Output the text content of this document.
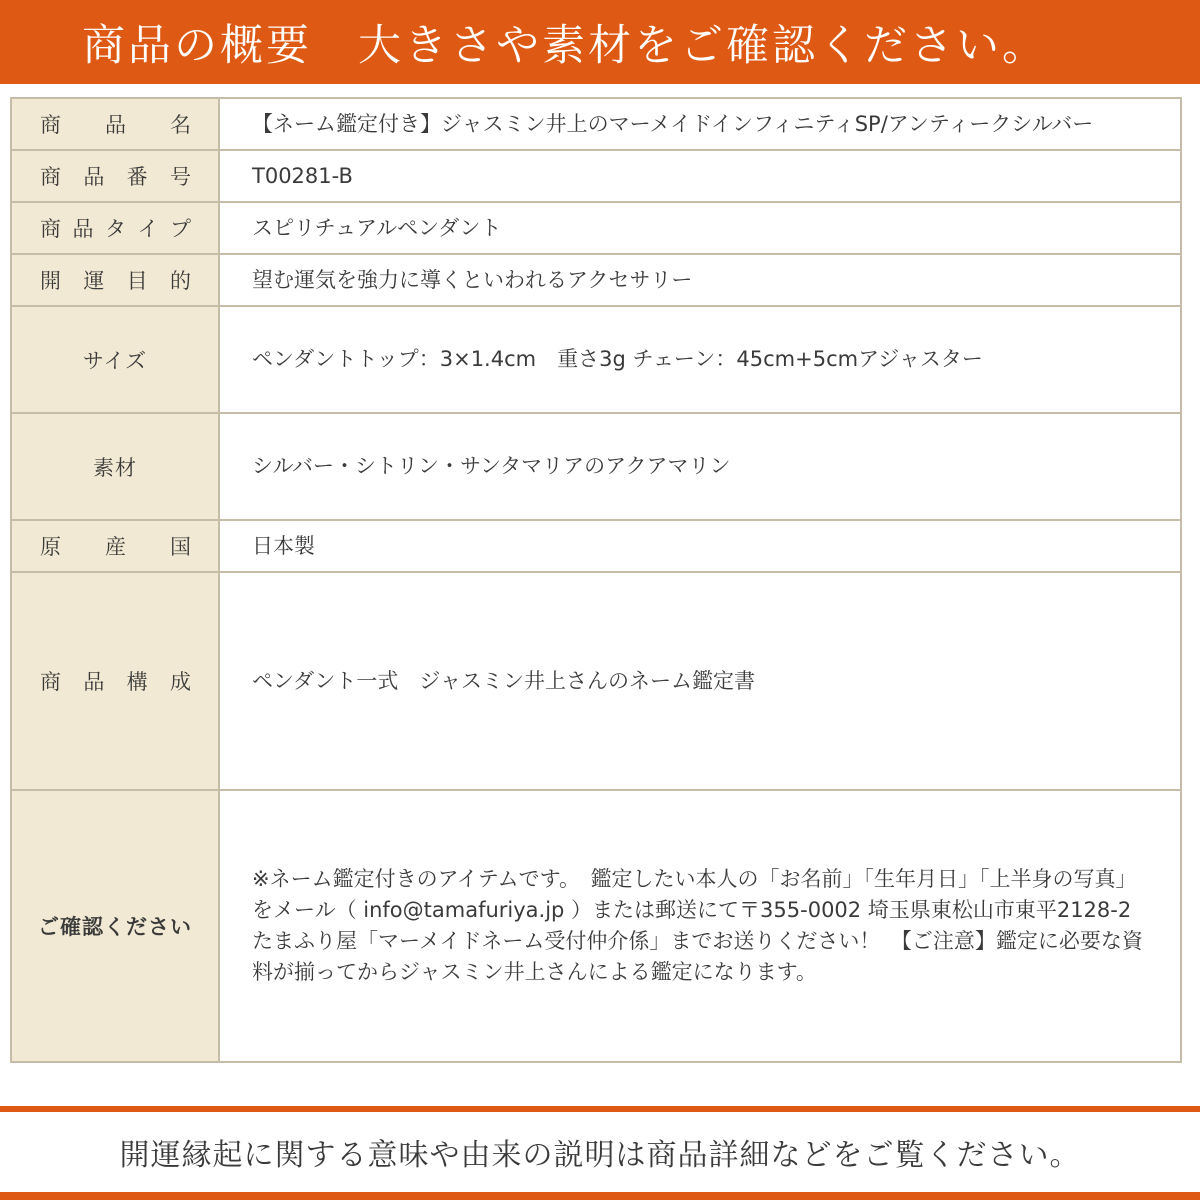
商品の概要　大きさや素材をご確認ください。
商 品 名	【ネーム鑑定付き】ジャスミン井上のマーメイドインフィニティSP/アンティークシルバー

商 品 番 号	T00281-B

商 品 タ イ プ	スピリチュアルペンダント

開 運 目 的	望む運気を強力に導くといわれるアクセサリー
サイズ	ペンダントトップ：3×1.4cm　重さ3g チェーン：45cm+5cmアジャスター
素材	シルバー・シトリン・サンタマリアのアクアマリン

原 産 国	日本製

商 品 構 成	ペンダント一式　ジャスミン井上さんのネーム鑑定書
ご確認ください	※ネーム鑑定付きのアイテムです。　鑑定したい本人の「お名前」「生年月日」「上半身の写真」をメール（ info@tamafuriya.jp ）または郵送にて〒355-0002 埼玉県東松山市東平2128-2 たまふり屋「マーメイドネーム受付仲介係」までお送りください！　【ご注意】鑑定に必要な資料が揃ってからジャスミン井上さんによる鑑定になります。
開運縁起に関する意味や由来の説明は商品詳細などをご覧ください。
